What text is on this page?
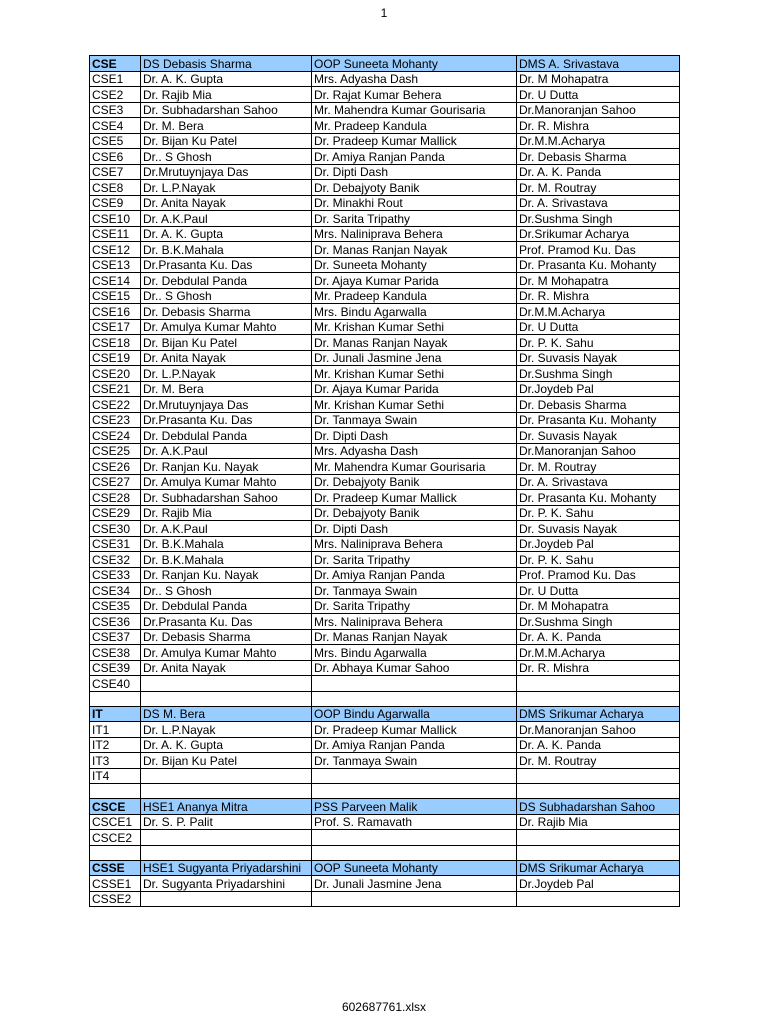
1
CSE	DS Debasis Sharma	OOP Suneeta Mohanty	DMS A. Srivastava
CSE1	Dr. A. K. Gupta	Mrs. Adyasha Dash	Dr. M Mohapatra
CSE2	Dr. Rajib Mia	Dr. Rajat Kumar Behera	Dr. U Dutta
CSE3	Dr. Subhadarshan Sahoo	Mr. Mahendra Kumar Gourisaria	Dr.Manoranjan Sahoo
CSE4	Dr. M. Bera	Mr. Pradeep Kandula	Dr. R. Mishra
CSE5	Dr. Bijan Ku Patel	Dr. Pradeep Kumar Mallick	Dr.M.M.Acharya
CSE6	Dr.. S Ghosh	Dr. Amiya Ranjan Panda	Dr. Debasis Sharma
CSE7	Dr.Mrutuynjaya Das	Dr. Dipti Dash	Dr. A. K. Panda
CSE8	Dr. L.P.Nayak	Dr. Debajyoty Banik	Dr. M. Routray
CSE9	Dr. Anita Nayak	Dr. Minakhi Rout	Dr. A. Srivastava
CSE10	Dr. A.K.Paul	Dr. Sarita Tripathy	Dr.Sushma Singh
CSE11	Dr. A. K. Gupta	Mrs. Nalinipravа Behera	Dr.Srikumar Acharya
CSE12	Dr. B.K.Mahala	Dr. Manas Ranjan Nayak	Prof. Pramod Ku. Das
CSE13	Dr.Prasanta Ku. Das	Dr. Suneeta Mohanty	Dr. Prasanta Ku. Mohanty
CSE14	Dr. Debdulal Panda	Dr. Ajaya Kumar Parida	Dr. M Mohapatra
CSE15	Dr.. S Ghosh	Mr. Pradeep Kandula	Dr. R. Mishra
CSE16	Dr. Debasis Sharma	Mrs. Bindu Agarwalla	Dr.M.M.Acharya
CSE17	Dr. Amulya Kumar Mahto	Mr. Krishan Kumar Sethi	Dr. U Dutta
CSE18	Dr. Bijan Ku Patel	Dr. Manas Ranjan Nayak	Dr. P. K. Sahu
CSE19	Dr. Anita Nayak	Dr. Junali Jasmine Jena	Dr. Suvasis Nayak
CSE20	Dr. L.P.Nayak	Mr. Krishan Kumar Sethi	Dr.Sushma Singh
CSE21	Dr. M. Bera	Dr. Ajaya Kumar Parida	Dr.Joydeb Pal
CSE22	Dr.Mrutuynjaya Das	Mr. Krishan Kumar Sethi	Dr. Debasis Sharma
CSE23	Dr.Prasanta Ku. Das	Dr. Tanmaya Swain	Dr. Prasanta Ku. Mohanty
CSE24	Dr. Debdulal Panda	Dr. Dipti Dash	Dr. Suvasis Nayak
CSE25	Dr. A.K.Paul	Mrs. Adyasha Dash	Dr.Manoranjan Sahoo
CSE26	Dr. Ranjan Ku. Nayak	Mr. Mahendra Kumar Gourisaria	Dr. M. Routray
CSE27	Dr. Amulya Kumar Mahto	Dr. Debajyoty Banik	Dr. A. Srivastava
CSE28	Dr. Subhadarshan Sahoo	Dr. Pradeep Kumar Mallick	Dr. Prasanta Ku. Mohanty
CSE29	Dr. Rajib Mia	Dr. Debajyoty Banik	Dr. P. K. Sahu
CSE30	Dr. A.K.Paul	Dr. Dipti Dash	Dr. Suvasis Nayak
CSE31	Dr. B.K.Mahala	Mrs. Nalinipravа Behera	Dr.Joydeb Pal
CSE32	Dr. B.K.Mahala	Dr. Sarita Tripathy	Dr. P. K. Sahu
CSE33	Dr. Ranjan Ku. Nayak	Dr. Amiya Ranjan Panda	Prof. Pramod Ku. Das
CSE34	Dr.. S Ghosh	Dr. Tanmaya Swain	Dr. U Dutta
CSE35	Dr. Debdulal Panda	Dr. Sarita Tripathy	Dr. M Mohapatra
CSE36	Dr.Prasanta Ku. Das	Mrs. Nalinipravа Behera	Dr.Sushma Singh
CSE37	Dr. Debasis Sharma	Dr. Manas Ranjan Nayak	Dr. A. K. Panda
CSE38	Dr. Amulya Kumar Mahto	Mrs. Bindu Agarwalla	Dr.M.M.Acharya
CSE39	Dr. Anita Nayak	Dr. Abhaya Kumar Sahoo	Dr. R. Mishra
CSE40			

IT	DS M. Bera	OOP Bindu Agarwalla	DMS Srikumar Acharya
IT1	Dr. L.P.Nayak	Dr. Pradeep Kumar Mallick	Dr.Manoranjan Sahoo
IT2	Dr. A. K. Gupta	Dr. Amiya Ranjan Panda	Dr. A. K. Panda
IT3	Dr. Bijan Ku Patel	Dr. Tanmaya Swain	Dr. M. Routray
IT4			

CSCE	HSE1 Ananya Mitra	PSS Parveen Malik	DS Subhadarshan Sahoo
CSCE1	Dr. S. P. Palit	Prof. S. Ramavath	Dr. Rajib Mia
CSCE2			

CSSE	HSE1 Sugyanta Priyadarshini	OOP Suneeta Mohanty	DMS Srikumar Acharya
CSSE1	Dr. Sugyanta Priyadarshini	Dr. Junali Jasmine Jena	Dr.Joydeb Pal
CSSE2			
602687761.xlsx
